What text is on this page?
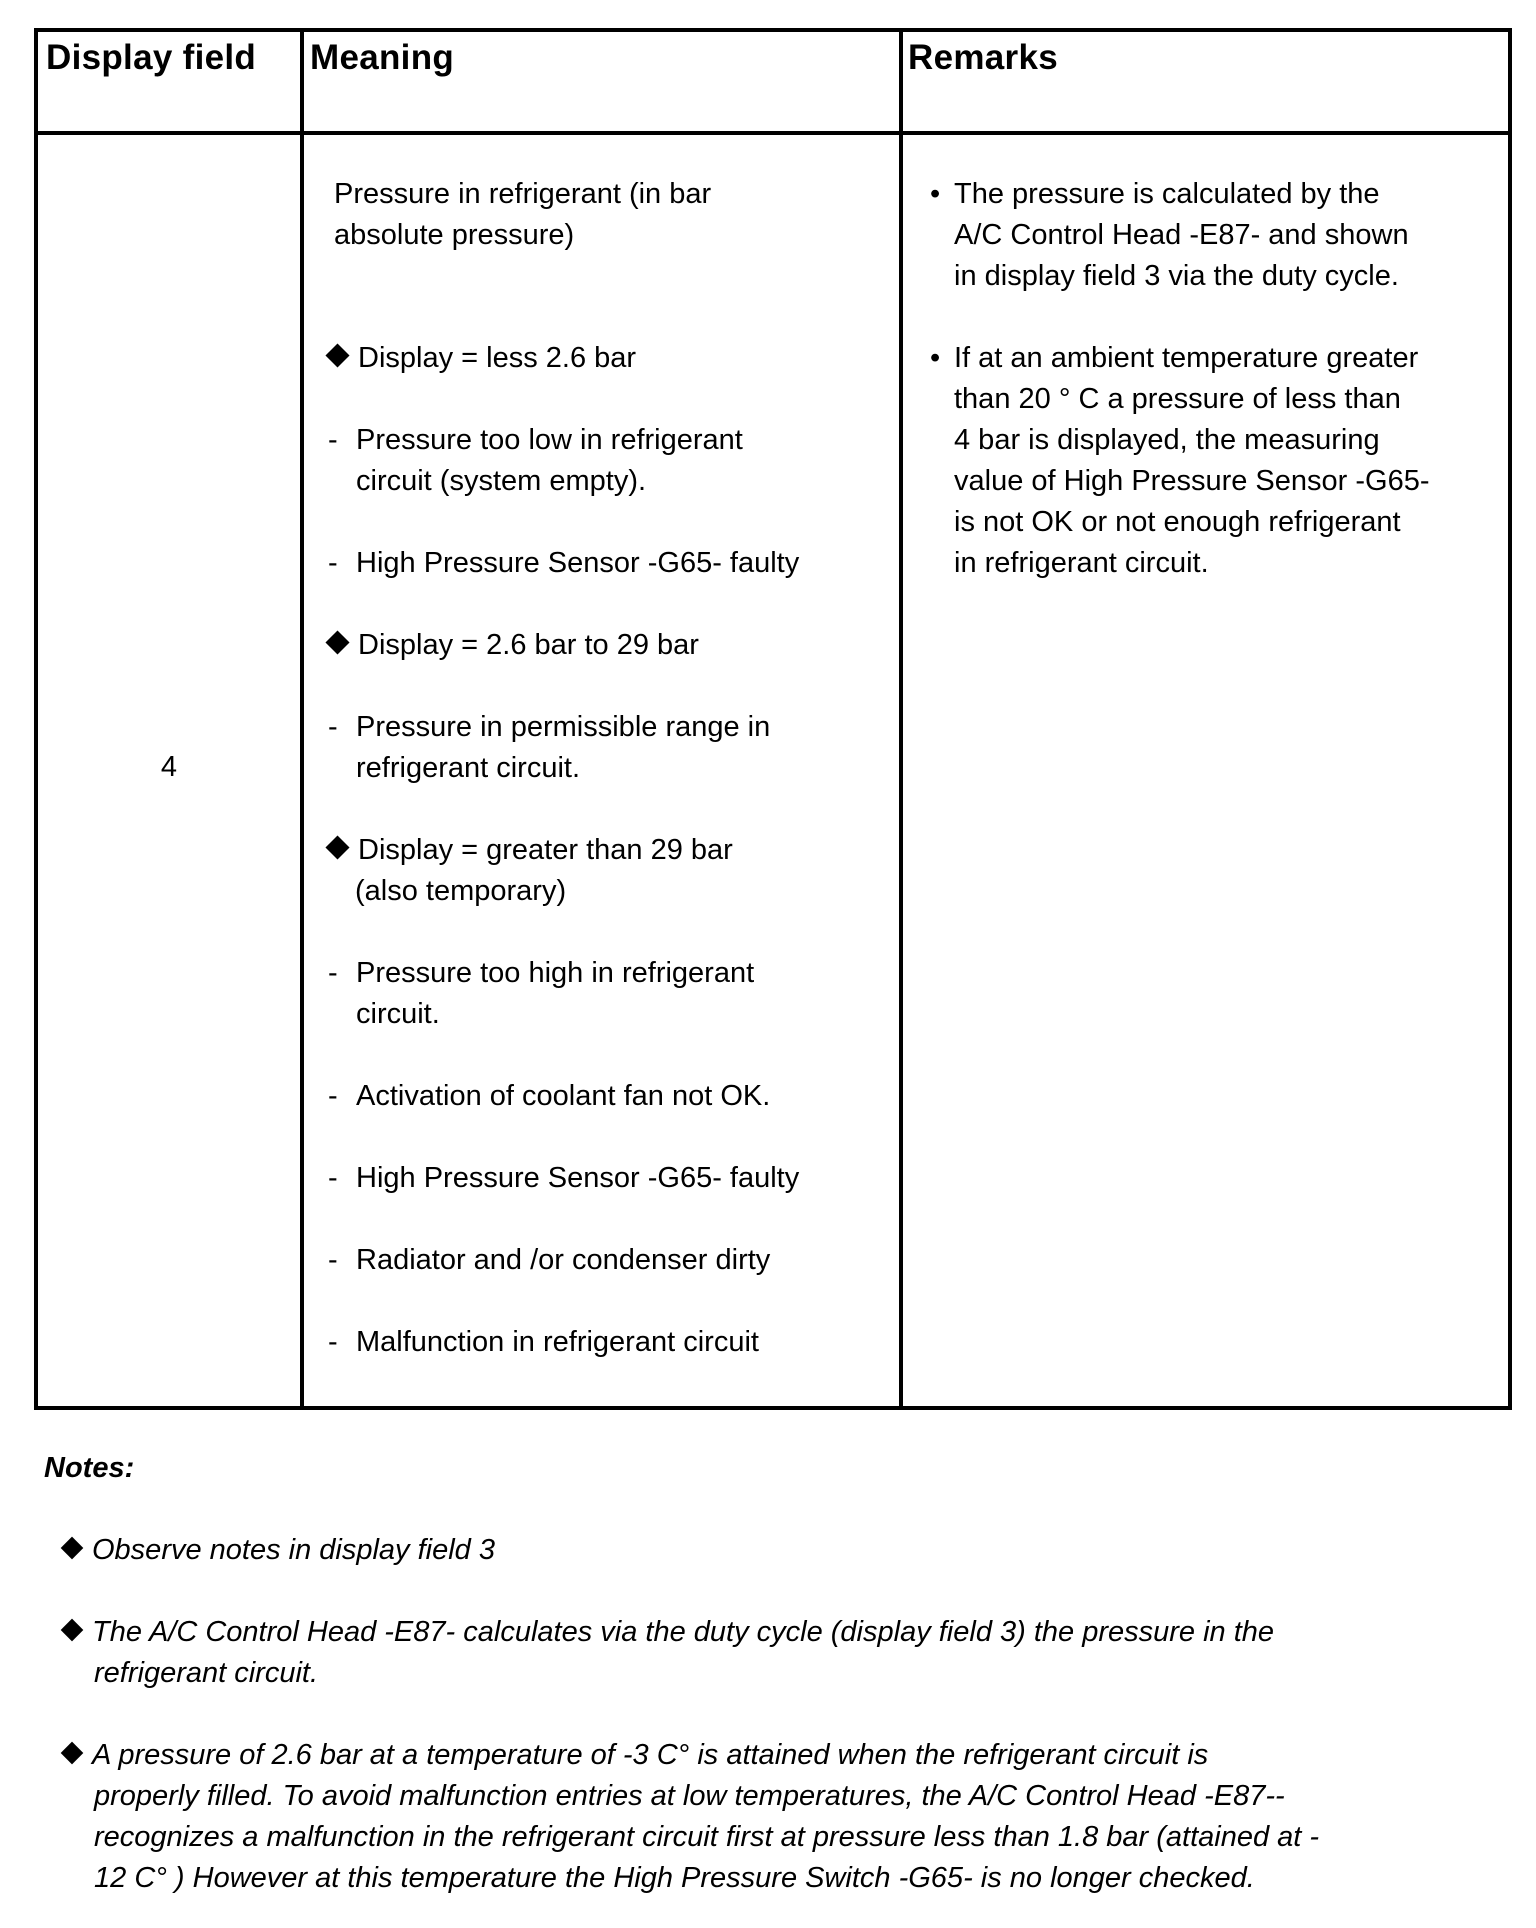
Display field Meaning	Remarks
4
Pressure in refrigerant (in bar
absolute pressure)
Display = less 2.6 bar
- Pressure too low in refrigerant
circuit (system empty).
- High Pressure Sensor -G65- faulty
Display = 2.6 bar to 29 bar
- Pressure in permissible range in
refrigerant circuit.
Display = greater than 29 bar
(also temporary)
- Pressure too high in refrigerant
circuit.
- Activation of coolant fan not OK.
- High Pressure Sensor -G65- faulty
- Radiator and /or condenser dirty
- Malfunction in refrigerant circuit
• The pressure is calculated by the
A/C Control Head -E87- and shown
in display field 3 via the duty cycle.
• If at an ambient temperature greater
than 20 ° C a pressure of less than
4 bar is displayed, the measuring
value of High Pressure Sensor -G65-
is not OK or not enough refrigerant
in refrigerant circuit.
Notes:
Observe notes in display field 3
The A/C Control Head -E87- calculates via the duty cycle (display field 3) the pressure in the
refrigerant circuit.
A pressure of 2.6 bar at a temperature of -3 C° is attained when the refrigerant circuit is
properly filled. To avoid malfunction entries at low temperatures, the A/C Control Head -E87--
recognizes a malfunction in the refrigerant circuit first at pressure less than 1.8 bar (attained at -
12 C° ) However at this temperature the High Pressure Switch -G65- is no longer checked.
